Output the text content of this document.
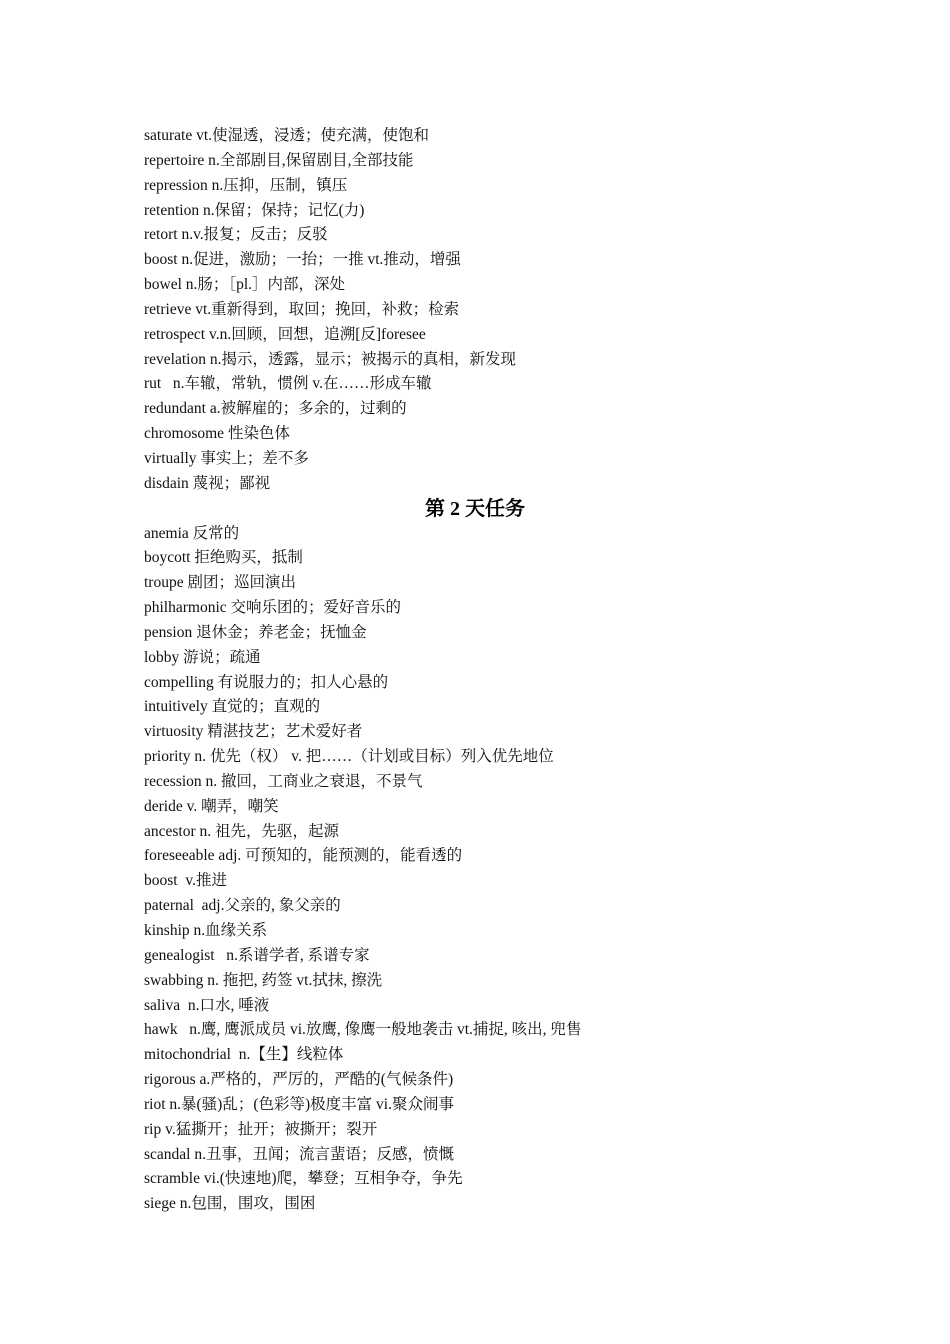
saturate vt.使湿透，浸透；使充满，使饱和
repertoire n.全部剧目,保留剧目,全部技能
repression n.压抑，压制，镇压
retention n.保留；保持；记忆(力)
retort n.v.报复；反击；反驳
boost n.促进，激励；一抬；一推 vt.推动，增强
bowel n.肠；［pl.］内部，深处
retrieve vt.重新得到，取回；挽回，补救；检索
retrospect v.n.回顾，回想，追溯[反]foresee
revelation n.揭示，透露，显示；被揭示的真相，新发现
rut   n.车辙，常轨，惯例 v.在……形成车辙
redundant a.被解雇的；多余的，过剩的
chromosome 性染色体
virtually 事实上；差不多
disdain 蔑视；鄙视
第 2 天任务
anemia 反常的
boycott 拒绝购买，抵制
troupe 剧团；巡回演出
philharmonic 交响乐团的；爱好音乐的
pension 退休金；养老金；抚恤金
lobby 游说；疏通
compelling 有说服力的；扣人心悬的
intuitively 直觉的；直观的
virtuosity 精湛技艺；艺术爱好者
priority n. 优先（权） v. 把……（计划或目标）列入优先地位
recession n. 撤回，工商业之衰退，不景气
deride v. 嘲弄，嘲笑
ancestor n. 祖先，先驱，起源
foreseeable adj. 可预知的，能预测的，能看透的
boost  v.推进
paternal  adj.父亲的, 象父亲的
kinship n.血缘关系
genealogist   n.系谱学者, 系谱专家
swabbing n. 拖把, 药签 vt.拭抹, 擦洗
saliva  n.口水, 唾液
hawk   n.鹰, 鹰派成员 vi.放鹰, 像鹰一般地袭击 vt.捕捉, 咳出, 兜售
mitochondrial  n.【生】线粒体
rigorous a.严格的，严厉的，严酷的(气候条件)
riot n.暴(骚)乱；(色彩等)极度丰富 vi.聚众闹事
rip v.猛撕开；扯开；被撕开；裂开
scandal n.丑事，丑闻；流言蜚语；反感，愤慨
scramble vi.(快速地)爬，攀登；互相争夺，争先
siege n.包围，围攻，围困
